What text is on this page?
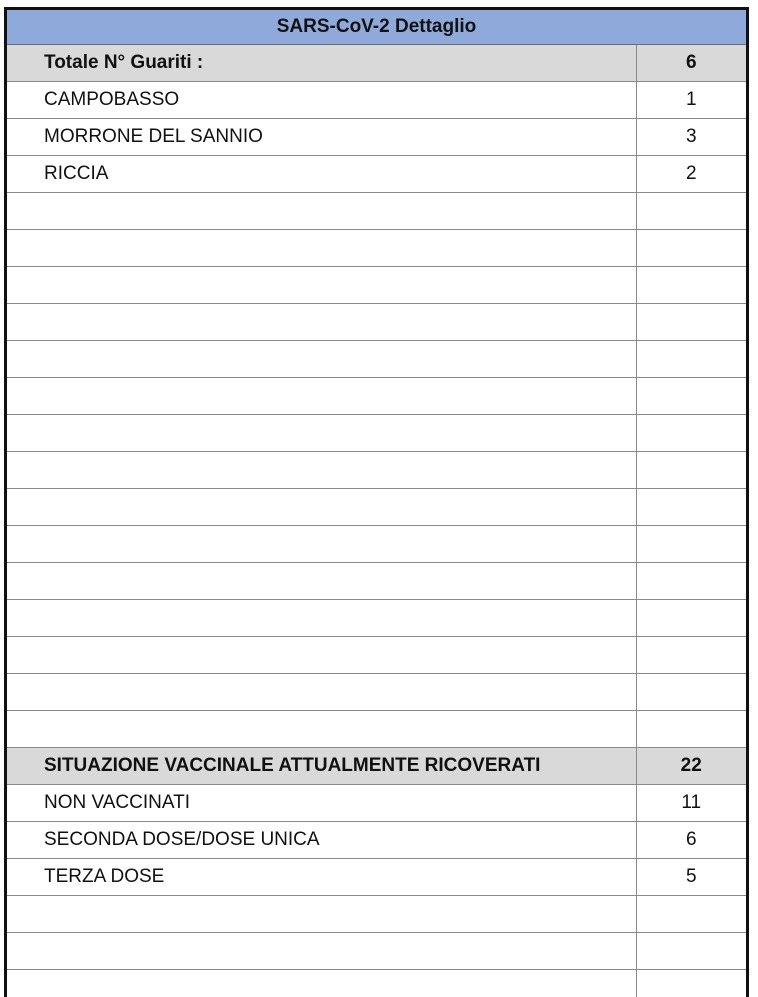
SARS-CoV-2 Dettaglio	
Totale N° Guariti :	6
CAMPOBASSO	1
MORRONE DEL SANNIO	3
RICCIA	2

SITUAZIONE VACCINALE ATTUALMENTE RICOVERATI	22
NON VACCINATI	11
SECONDA DOSE/DOSE UNICA	6
TERZA DOSE	5
